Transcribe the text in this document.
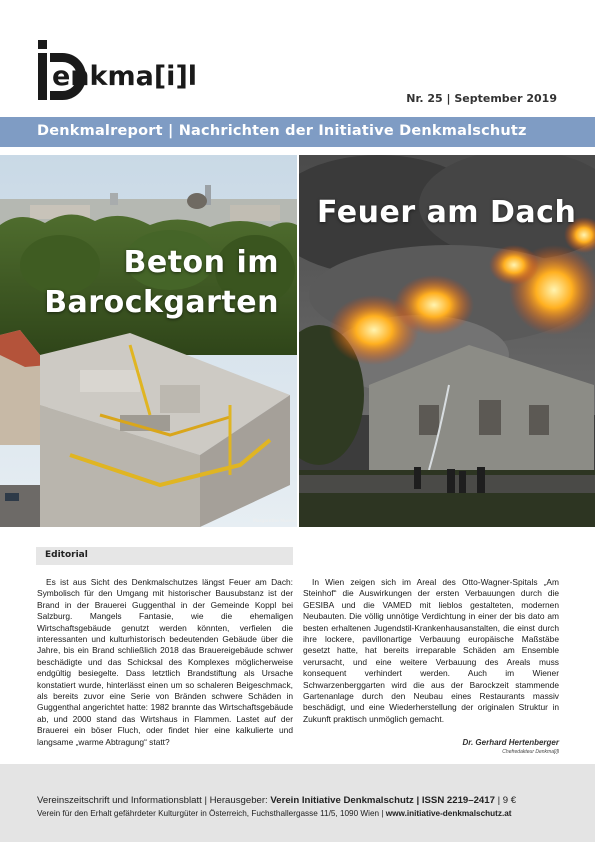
enkma[i]l
Nr. 25 | September 2019
Denkmalreport | Nachrichten der Initiative Denkmalschutz
Beton im
Barockgarten
Feuer am Dach
Margarethe Mueller
Editorial

Es ist aus Sicht des Denkmalschutzes längst Feuer am Dach: Symbolisch für den Umgang mit historischer Bausubstanz ist der Brand in der Brauerei Guggenthal in der Gemeinde Koppl bei Salzburg. Mangels Fantasie, wie die ehemaligen Wirtschaftsgebäude genutzt werden könnten, verfielen die interessanten und kulturhistorisch bedeutenden Gebäude über die Jahre, bis ein Brand schließlich 2018 das Brauereigebäude schwer beschädigte und das Schicksal des Komplexes möglicherweise endgültig besiegelte. Dass letztlich Brandstiftung als Ursache konstatiert wurde, hinterlässt einen um so schaleren Beigeschmack, als bereits zuvor eine Serie von Bränden schwere Schäden in Guggenthal angerichtet hatte: 1982 brannte das Wirtschaftsgebäude ab, und 2000 stand das Wirtshaus in Flammen. Lastet auf der Brauerei ein böser Fluch, oder findet hier eine kalkulierte und langsame „warme Abtragung“ statt?

In Wien zeigen sich im Areal des Otto-Wagner-Spitals „Am Steinhof“ die Auswirkungen der ersten Verbauungen durch die GESIBA und die VAMED mit lieblos gestalteten, modernen Neubauten. Die völlig unnötige Verdichtung in einer der bis dato am besten erhaltenen Jugendstil-Krankenhausanstalten, die einst durch ihre lockere, pavillonartige Verbauung europäische Maßstäbe gesetzt hatte, hat bereits irreparable Schäden am Ensemble verursacht, und eine weitere Verbauung des Areals muss konsequent verhindert werden. Auch im Wiener Schwarzenberggarten wird die aus der Barockzeit stammende Gartenanlage durch den Neubau eines Restaurants massiv beschädigt, und eine Wiederherstellung der originalen Struktur in Zukunft praktisch unmöglich gemacht.

Dr. Gerhard Hertenberger
Chefredakteur Denkma[i]l
Vereinszeitschrift und Informationsblatt | Herausgeber: Verein Initiative Denkmalschutz | ISSN 2219–2417 | 9 €
Verein für den Erhalt gefährdeter Kulturgüter in Österreich, Fuchsthallergasse 11/5, 1090 Wien | www.initiative-denkmalschutz.at
